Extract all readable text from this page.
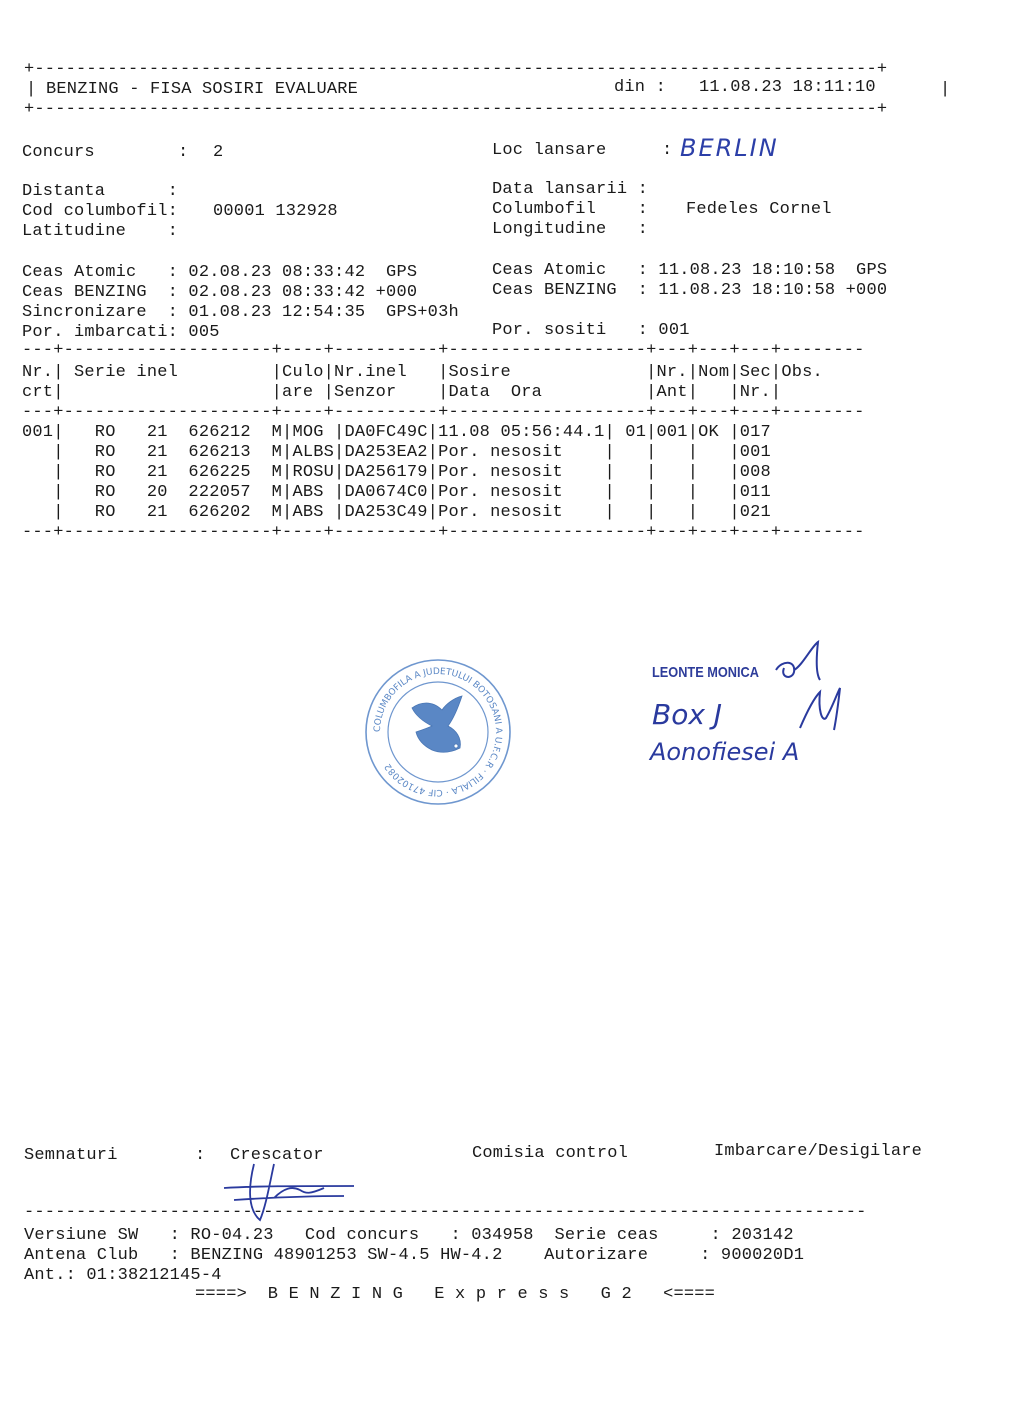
+---------------------------------------------------------------------------------+
| BENZING - FISA SOSIRI EVALUARE	din : 11.08.23 18:11:10	|
+---------------------------------------------------------------------------------+
Concurs        : 2	Loc lansare	: BERLIN
Distanta      :	Data lansarii :
Cod columbofil: 00001 132928	Columbofil    : Fedeles Cornel
Latitudine    :	Longitudine   :
Ceas Atomic   : 02.08.23 08:33:42  GPS	Ceas Atomic   : 11.08.23 18:10:58  GPS
Ceas BENZING  : 02.08.23 08:33:42 +000	Ceas BENZING  : 11.08.23 18:10:58 +000
Sincronizare  : 01.08.23 12:54:35  GPS+03h
Por. imbarcati: 005	Por. sositi   : 001
---+--------------------+----+----------+-------------------+---+---+---+--------
Nr.| Serie inel         |Culo|Nr.inel   |Sosire             |Nr.|Nom|Sec|Obs.
crt|                    |are |Senzor    |Data  Ora          |Ant|   |Nr.|
---+--------------------+----+----------+-------------------+---+---+---+--------
001|   RO   21  626212  M|MOG |DA0FC49C|11.08 05:56:44.1| 01|001|OK |017
|   RO   21  626213  M|ALBS|DA253EA2|Por. nesosit    |   |   |   |001
|   RO   21  626225  M|ROSU|DA256179|Por. nesosit    |   |   |   |008
|   RO   20  222057  M|ABS |DA0674C0|Por. nesosit    |   |   |   |011
|   RO   21  626202  M|ABS |DA253C49|Por. nesosit    |   |   |   |021
---+--------------------+----+----------+-------------------+---+---+---+--------
COLUMBOFILA A JUDETULUI BOTOSANI A U.F.C.R · FILIALA · CIF 47102082
LEONTE MONICA
Box J
Aonofiesei A
Semnaturi	: Crescator	Comisia control	Imbarcare/Desigilare
---------------------------------------------------------------------------------
Versiune SW   : RO-04.23   Cod concurs   : 034958  Serie ceas     : 203142
Antena Club   : BENZING 48901253 SW-4.5 HW-4.2    Autorizare     : 900020D1
Ant.: 01:38212145-4
====>  B E N Z I N G   E x p r e s s   G 2   <====
